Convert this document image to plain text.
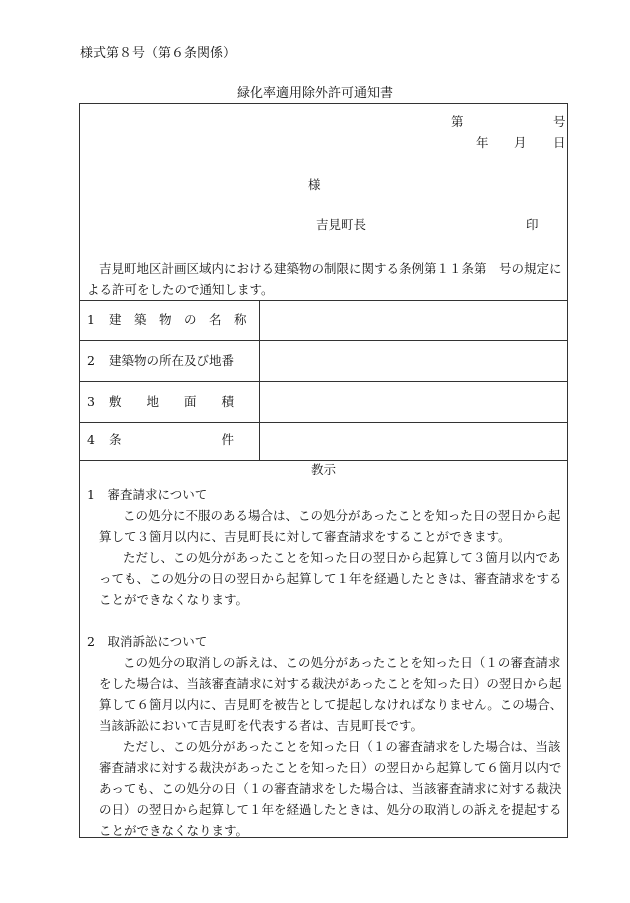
様式第８号（第６条関係）
緑化率適用除外許可通知書
第	号
年 月 日
様
吉見町長	印
吉見町地区計画区域内における建築物の制限に関する条例第１１条第　号の規定による許可をしたので通知します。
1 建　築　物　の　名　称
2 建築物の所在及び地番
3 敷　　地　　面　　積
4 条　　　　　　　　件
教示
1　審査請求について
この処分に不服のある場合は、この処分があったことを知った日の翌日から起算して３箇月以内に、吉見町長に対して審査請求をすることができます。
ただし、この処分があったことを知った日の翌日から起算して３箇月以内であっても、この処分の日の翌日から起算して１年を経過したときは、審査請求をすることができなくなります。
2　取消訴訟について
この処分の取消しの訴えは、この処分があったことを知った日（１の審査請求をした場合は、当該審査請求に対する裁決があったことを知った日）の翌日から起算して６箇月以内に、吉見町を被告として提起しなければなりません。この場合、当該訴訟において吉見町を代表する者は、吉見町長です。
ただし、この処分があったことを知った日（１の審査請求をした場合は、当該審査請求に対する裁決があったことを知った日）の翌日から起算して６箇月以内であっても、この処分の日（１の審査請求をした場合は、当該審査請求に対する裁決の日）の翌日から起算して１年を経過したときは、処分の取消しの訴えを提起することができなくなります。
